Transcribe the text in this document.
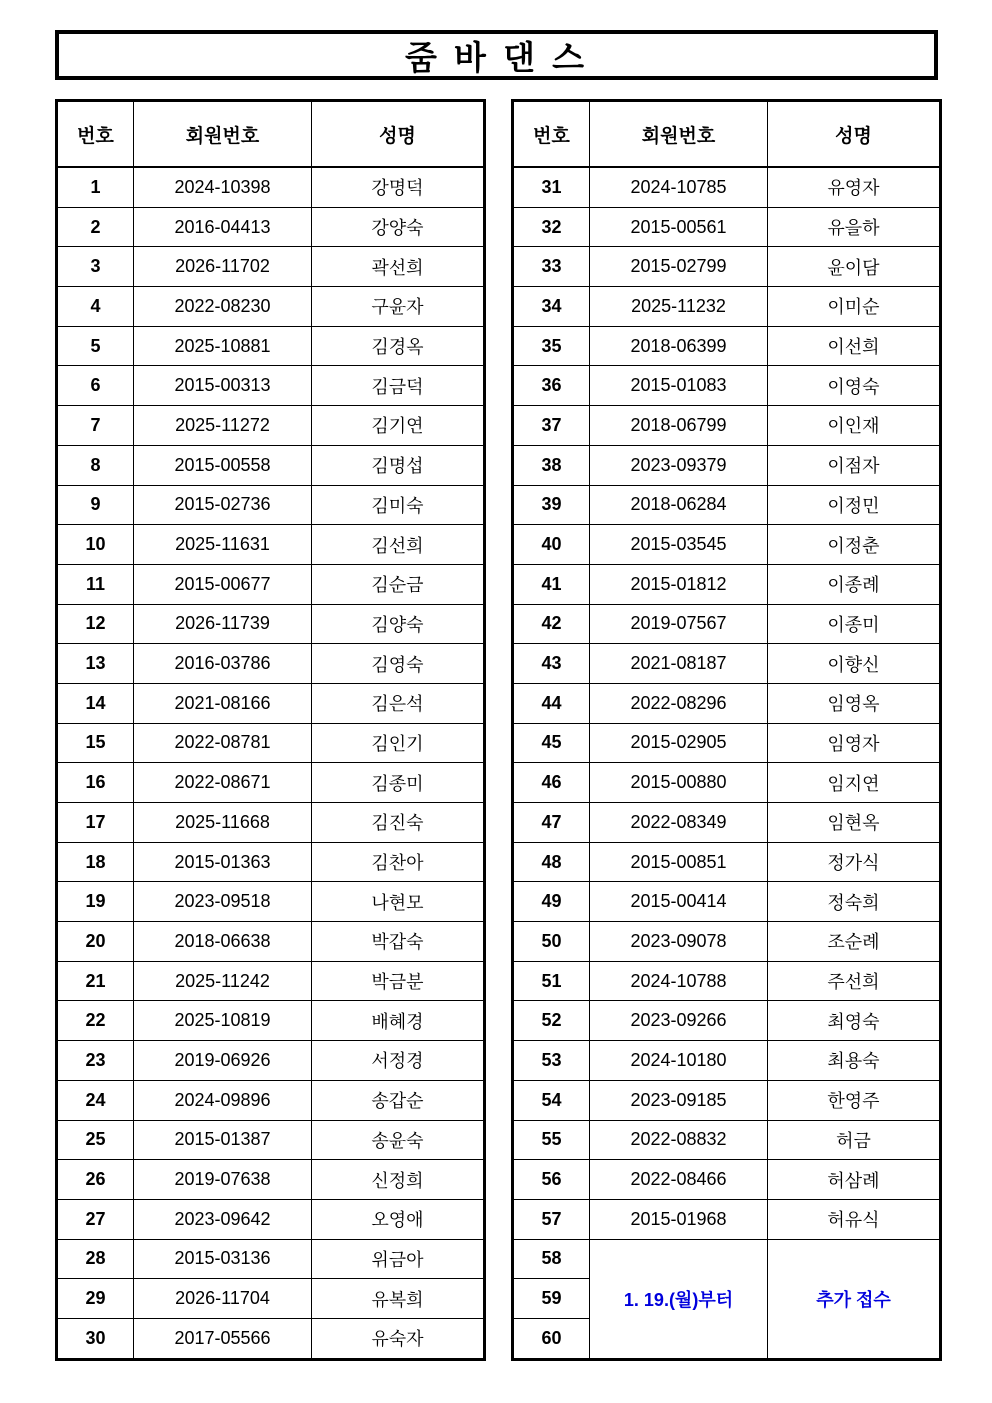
줌 바 댄 스
번호	회원번호	성명
1	2024-10398	강명덕
2	2016-04413	강양숙
3	2026-11702	곽선희
4	2022-08230	구윤자
5	2025-10881	김경옥
6	2015-00313	김금덕
7	2025-11272	김기연
8	2015-00558	김명섭
9	2015-02736	김미숙
10	2025-11631	김선희
11	2015-00677	김순금
12	2026-11739	김양숙
13	2016-03786	김영숙
14	2021-08166	김은석
15	2022-08781	김인기
16	2022-08671	김종미
17	2025-11668	김진숙
18	2015-01363	김찬아
19	2023-09518	나현모
20	2018-06638	박갑숙
21	2025-11242	박금분
22	2025-10819	배혜경
23	2019-06926	서정경
24	2024-09896	송갑순
25	2015-01387	송윤숙
26	2019-07638	신정희
27	2023-09642	오영애
28	2015-03136	위금아
29	2026-11704	유복희
30	2017-05566	유숙자
번호	회원번호	성명
31	2024-10785	유영자
32	2015-00561	유을하
33	2015-02799	윤이담
34	2025-11232	이미순
35	2018-06399	이선희
36	2015-01083	이영숙
37	2018-06799	이인재
38	2023-09379	이점자
39	2018-06284	이정민
40	2015-03545	이정춘
41	2015-01812	이종례
42	2019-07567	이종미
43	2021-08187	이향신
44	2022-08296	임영옥
45	2015-02905	임영자
46	2015-00880	임지연
47	2022-08349	임현옥
48	2015-00851	정가식
49	2015-00414	정숙희
50	2023-09078	조순례
51	2024-10788	주선희
52	2023-09266	최영숙
53	2024-10180	최용숙
54	2023-09185	한영주
55	2022-08832	허금
56	2022-08466	허삼례
57	2015-01968	허유식
58	1. 19.(월)부터	추가 접수
59		
60		
